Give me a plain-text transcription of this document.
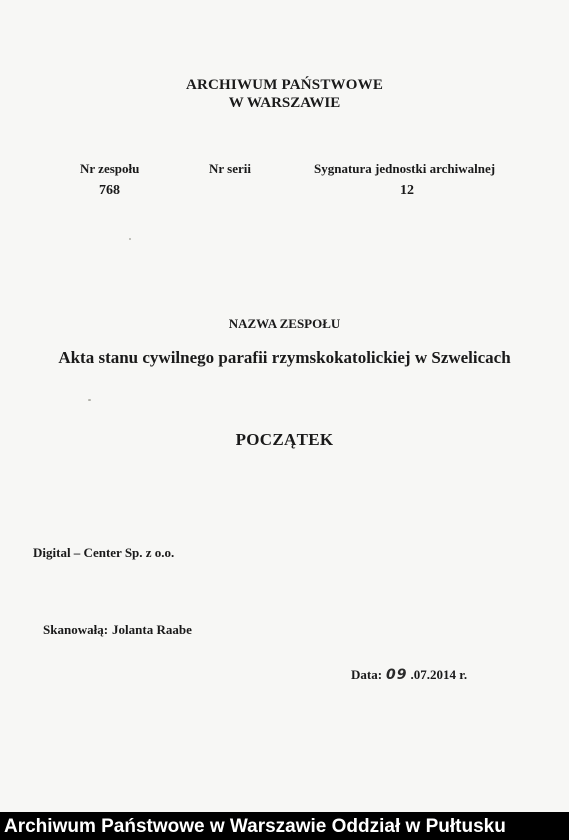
ARCHIWUM PAŃSTWOWE
W WARSZAWIE
Nr zespołu
768
Nr serii	Sygnatura jednostki archiwalnej
12
NAZWA ZESPOŁU
Akta stanu cywilnego parafii rzymskokatolickiej w Szwelicach
POCZĄTEK
Digital – Center Sp. z o.o.
Skanowałą: Jolanta Raabe
Data: 09 .07.2014 r.
Archiwum Państwowe w Warszawie Oddział w Pułtusku
